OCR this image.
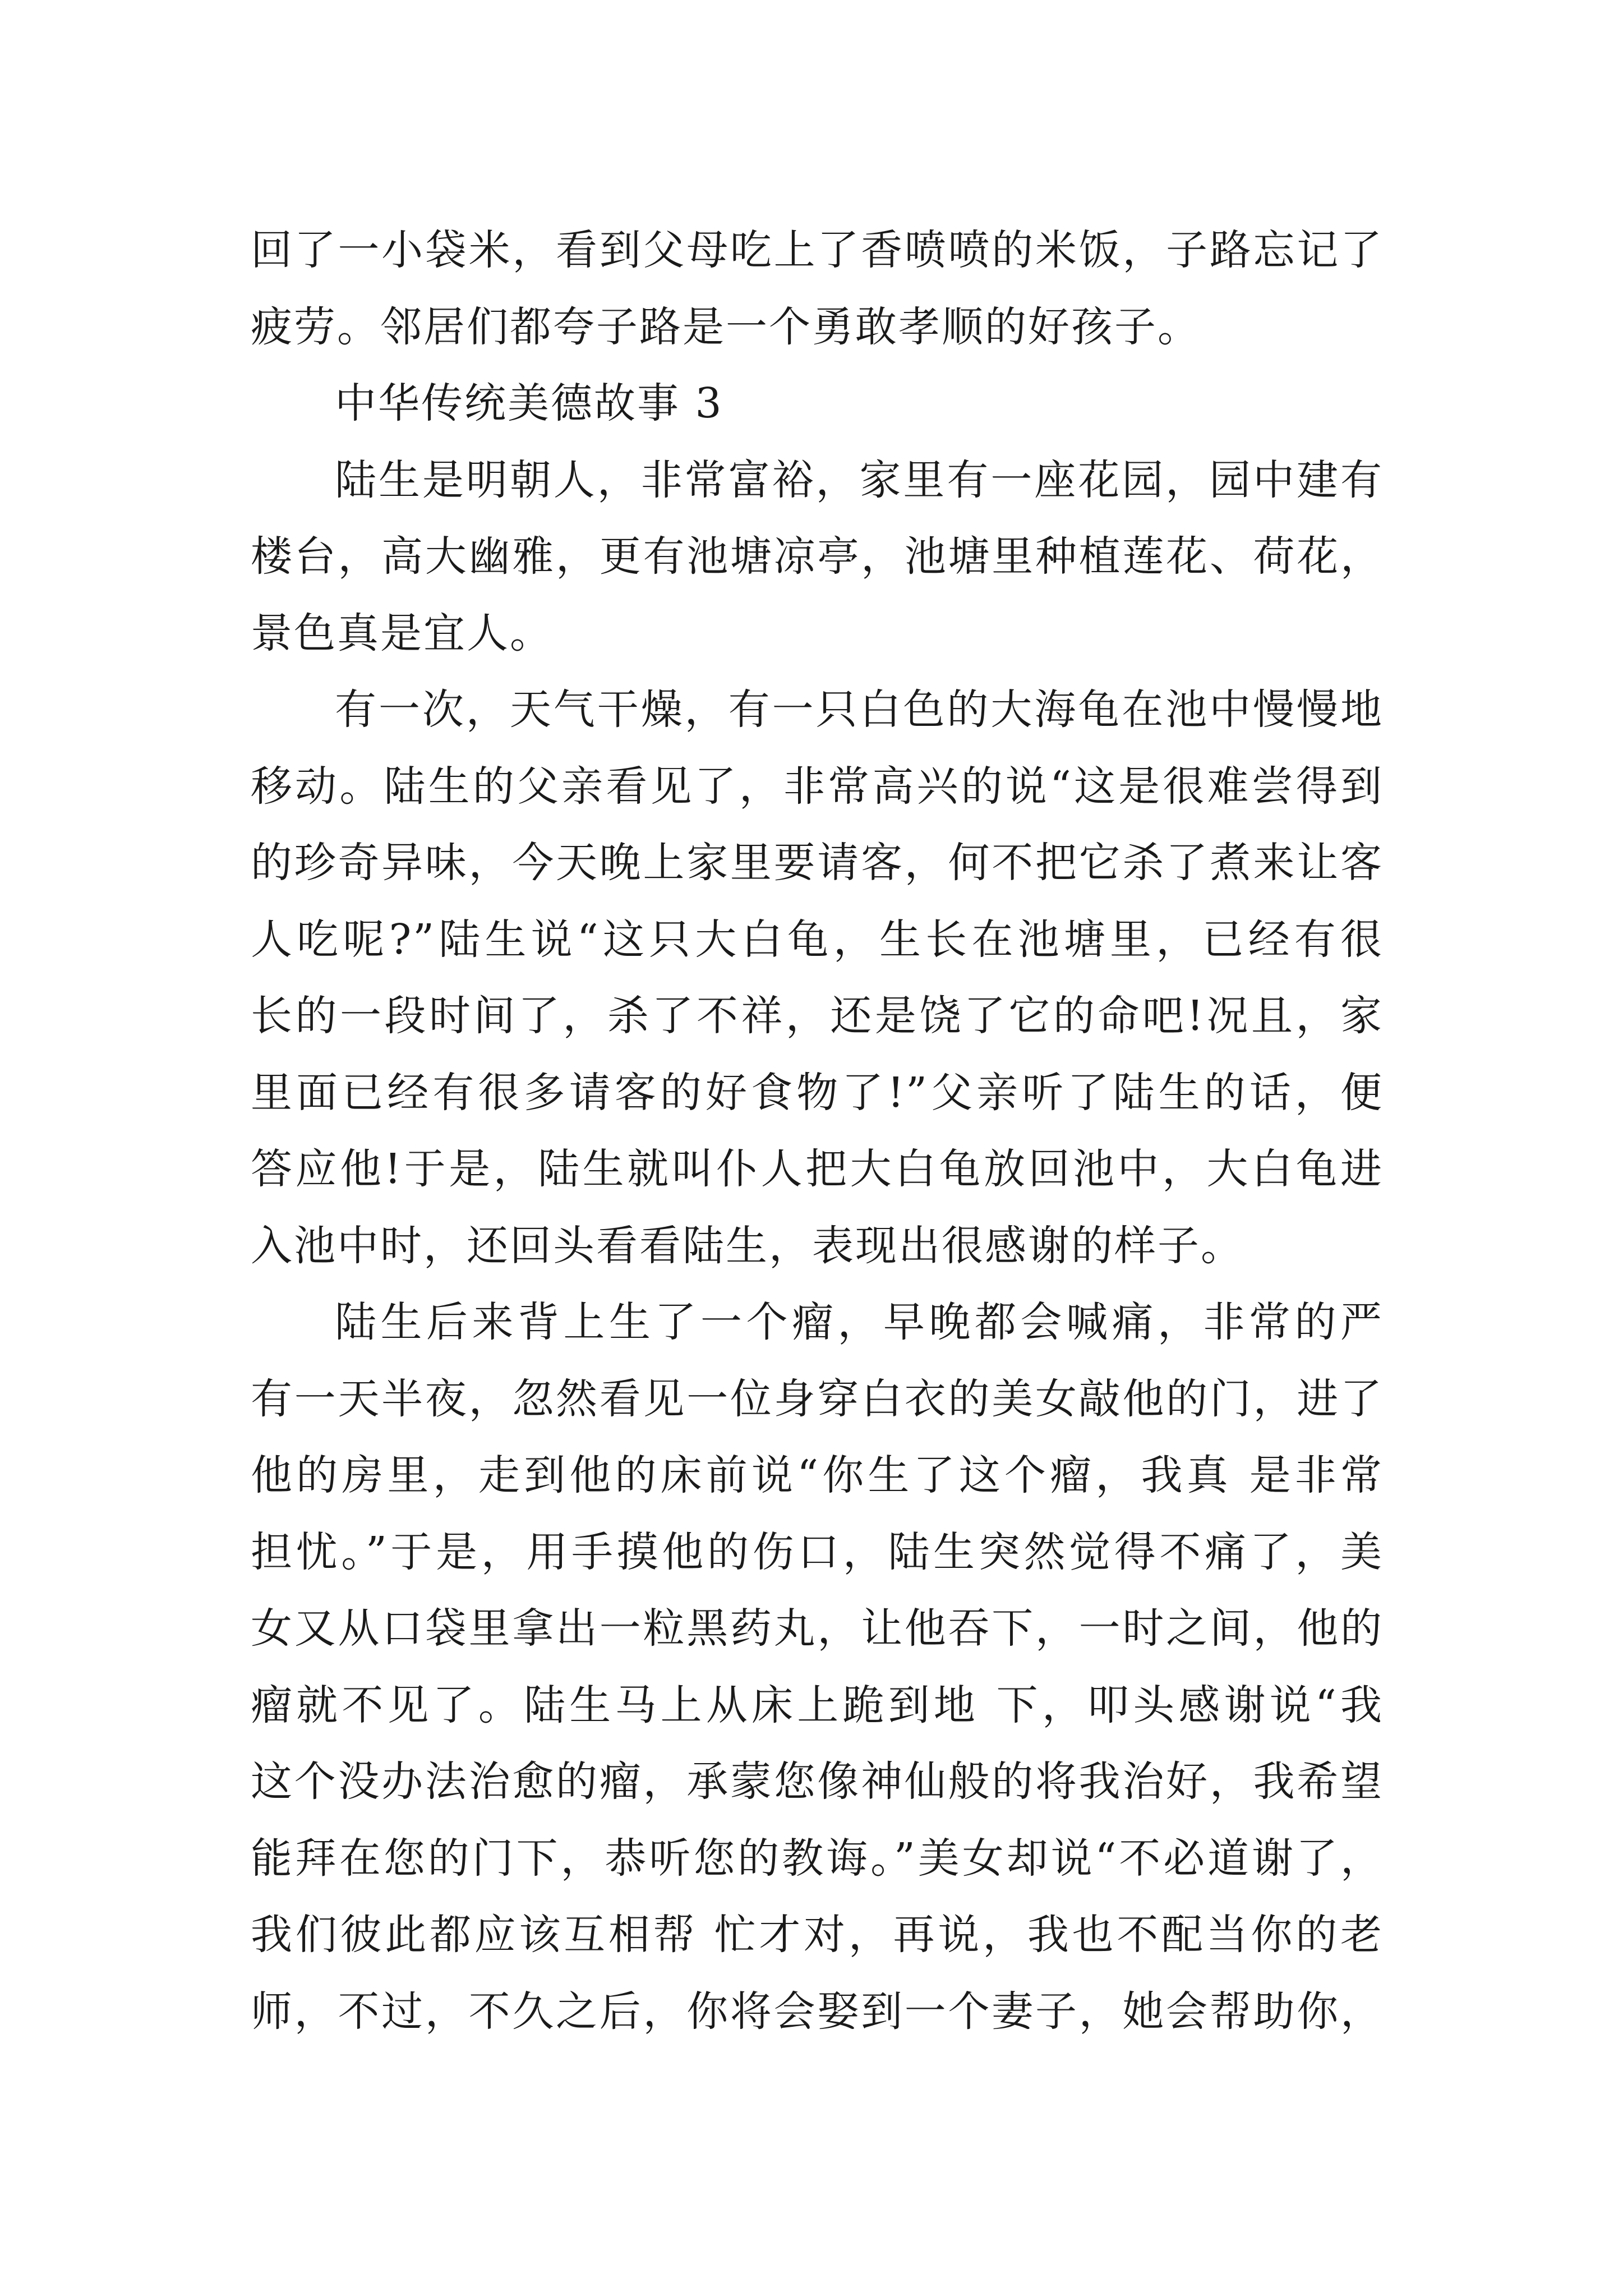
回了一小袋米，看到父母吃上了香喷喷的米饭，子路忘记了
疲劳。邻居们都夸子路是一个勇敢孝顺的好孩子。
中华传统美德故事 3
陆生是明朝人，非常富裕，家里有一座花园，园中建有
楼台，高大幽雅，更有池塘凉亭，池塘里种植莲花、荷花，
景色真是宜人。
有一次，天气干燥，有一只白色的大海龟在池中慢慢地
移动。陆生的父亲看见了，非常高兴的说“这是很难尝得到
的珍奇异味，今天晚上家里要请客，何不把它杀了煮来让客
人吃呢?”陆生说“这只大白龟，生长在池塘里，已经有很
长的一段时间了，杀了不祥，还是饶了它的命吧!况且，家
里面已经有很多请客的好食物了!”父亲听了陆生的话，便
答应他!于是，陆生就叫仆人把大白龟放回池中，大白龟进
入池中时，还回头看看陆生，表现出很感谢的样子。
陆生后来背上生了一个瘤，早晚都会喊痛，非常的严
有一天半夜，忽然看见一位身穿白衣的美女敲他的门，进了
他的房里，走到他的床前说“你生了这个瘤，我真 是非常
担忧。”于是，用手摸他的伤口，陆生突然觉得不痛了，美
女又从口袋里拿出一粒黑药丸，让他吞下，一时之间，他的
瘤就不见了。陆生马上从床上跪到地 下，叩头感谢说“我
这个没办法治愈的瘤，承蒙您像神仙般的将我治好，我希望
能拜在您的门下，恭听您的教诲。”美女却说“不必道谢了，
我们彼此都应该互相帮 忙才对，再说，我也不配当你的老
师，不过，不久之后，你将会娶到一个妻子，她会帮助你，
